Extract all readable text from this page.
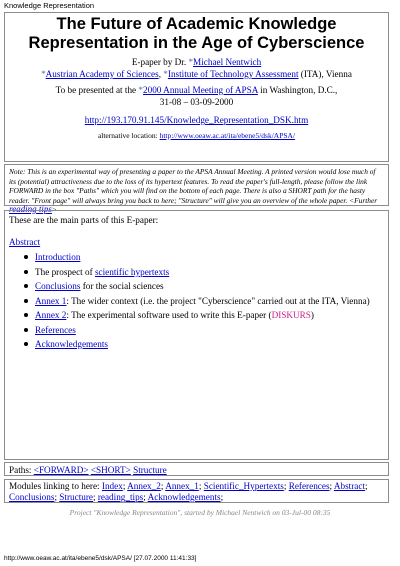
Knowledge Representation
The Future of Academic Knowledge
Representation in the Age of Cyberscience
E-paper by Dr. *Michael Nentwich
*Austrian Academy of Sciences, *Institute of Technology Assessment (ITA), Vienna
To be presented at the *2000 Annual Meeting of APSA in Washington, D.C.,
31-08 – 03-09-2000
http://193.170.91.145/Knowledge_Representation_DSK.htm
alternative location: http://www.oeaw.ac.at/ita/ebene5/dsk/APSA/
Note: This is an experimental way of presenting a paper to the APSA Annual Meeting. A printed version would lose much of its (potential) attractiveness due to the loss of its hypertext features. To read the paper's full-length, please follow the link FORWARD in the box "Paths" which you will find on the bottom of each page. There is also a SHORT path for the hasty reader. "Front page" will always bring you back to here; "Structure" will give you an overview of the whole paper. <Further reading tips>
These are the main parts of this E-paper:
Abstract
Introduction
The prospect of scientific hypertexts
Conclusions for the social sciences
Annex 1: The wider context (i.e. the project "Cyberscience" carried out at the ITA, Vienna)
Annex 2: The experimental software used to write this E-paper (DISKURS)
References
Acknowledgements
Paths: <FORWARD> <SHORT> Structure
Modules linking to here: Index; Annex_2; Annex_1; Scientific_Hypertexts; References; Abstract; Conclusions; Structure; reading_tips; Acknowledgements;
Project "Knowledge Representation", started by Michael Nentwich on 03-Jul-00 08:35
http://www.oeaw.ac.at/ita/ebene5/dsk/APSA/ [27.07.2000 11:41:33]
